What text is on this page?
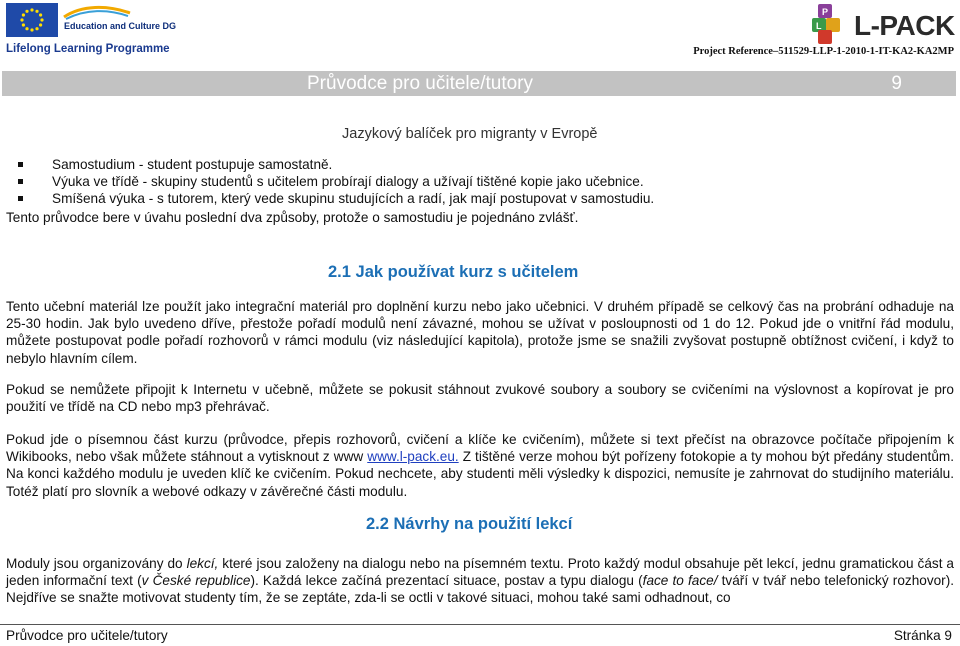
Education and Culture DG
Lifelong Learning Programme
P
L L-PACK
Project Reference–511529-LLP-1-2010-1-IT-KA2-KA2MP
Průvodce pro učitele/tutory	9
Jazykový balíček pro migranty v Evropě
Samostudium - student postupuje samostatně.
Výuka ve třídě - skupiny studentů s učitelem probírají dialogy a užívají tištěné kopie jako učebnice.
Smíšená výuka - s tutorem, který vede skupinu studujících a radí, jak mají postupovat v samostudiu.
Tento průvodce bere v úvahu poslední dva způsoby, protože o samostudiu je pojednáno zvlášť.
2.1 Jak používat kurz s učitelem
Tento učební materiál lze použít jako integrační materiál pro doplnění kurzu nebo jako učebnici. V druhém případě se celkový čas na probrání odhaduje na 25-30 hodin. Jak bylo uvedeno dříve, přestože pořadí modulů není závazné, mohou se užívat v posloupnosti od 1 do 12. Pokud jde o vnitřní řád modulu, můžete postupovat podle pořadí rozhovorů v rámci modulu (viz následující kapitola), protože jsme se snažili zvyšovat postupně obtížnost cvičení, i když to nebylo hlavním cílem.
Pokud se nemůžete připojit k Internetu v učebně, můžete se pokusit stáhnout zvukové soubory a soubory se cvičeními na výslovnost a kopírovat je pro použití ve třídě na CD nebo mp3 přehrávač.
Pokud jde o písemnou část kurzu (průvodce, přepis rozhovorů, cvičení a klíče ke cvičením), můžete si text přečíst na obrazovce počítače připojením k Wikibooks, nebo však můžete stáhnout a vytisknout z www www.l-pack.eu. Z tištěné verze mohou být pořízeny fotokopie a ty mohou být předány studentům. Na konci každého modulu je uveden klíč ke cvičením. Pokud nechcete, aby studenti měli výsledky k dispozici, nemusíte je zahrnovat do studijního materiálu. Totéž platí pro slovník a webové odkazy v závěrečné části modulu.
2.2 Návrhy na použití lekcí
Moduly jsou organizovány do lekcí, které jsou založeny na dialogu nebo na písemném textu. Proto každý modul obsahuje pět lekcí, jednu gramatickou část a jeden informační text (v České republice). Každá lekce začíná prezentací situace, postav a typu dialogu (face to face/ tváří v tvář nebo telefonický rozhovor). Nejdříve se snažte motivovat studenty tím, že se zeptáte, zda-li se octli v takové situaci, mohou také sami odhadnout, co
Průvodce pro učitele/tutory	Stránka 9
